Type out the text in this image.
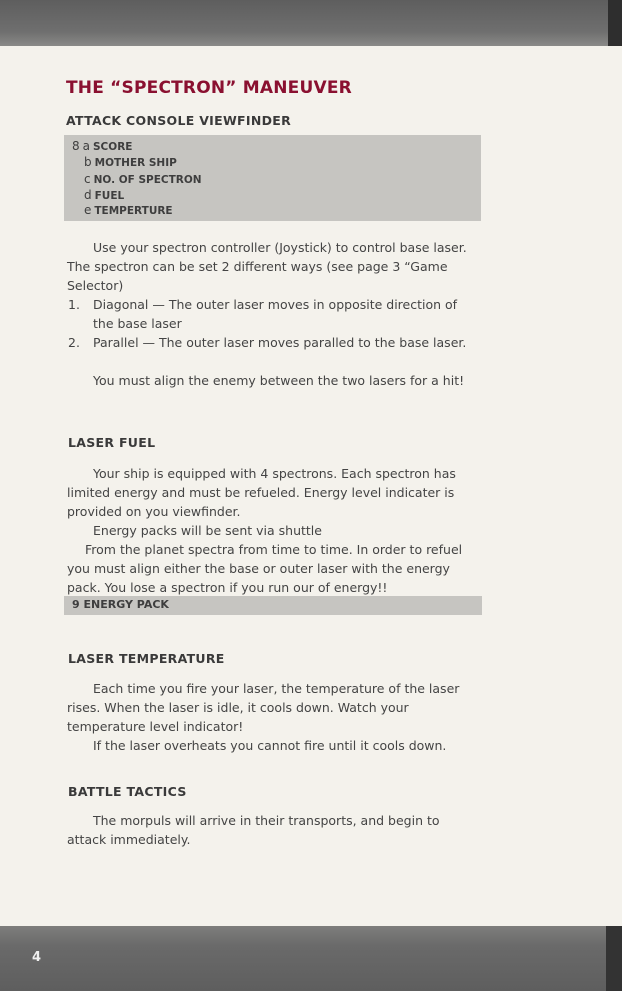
THE “SPECTRON” MANEUVER
ATTACK CONSOLE VIEWFINDER
8 a SCORE
b MOTHER SHIP
c NO. OF SPECTRON
d FUEL
e TEMPERTURE

Use your spectron controller (Joystick) to control base laser. The spectron can be set 2 different ways (see page 3 “Game Selector)

1. Diagonal — The outer laser moves in opposite direction of the base laser
2. Parallel — The outer laser moves paralled to the base laser.

You must align the enemy between the two lasers for a hit!

LASER FUEL

Your ship is equipped with 4 spectrons. Each spectron has limited energy and must be refueled. Energy level indicater is provided on you viewfinder.

Energy packs will be sent via shuttle

From the planet spectra from time to time. In order to refuel you must align either the base or outer laser with the energy pack. You lose a spectron if you run our of energy!!

9 ENERGY PACK
LASER TEMPERATURE

Each time you fire your laser, the temperature of the laser rises. When the laser is idle, it cools down. Watch your temperature level indicator!

If the laser overheats you cannot fire until it cools down.

BATTLE TACTICS

The morpuls will arrive in their transports, and begin to attack immediately.

4
